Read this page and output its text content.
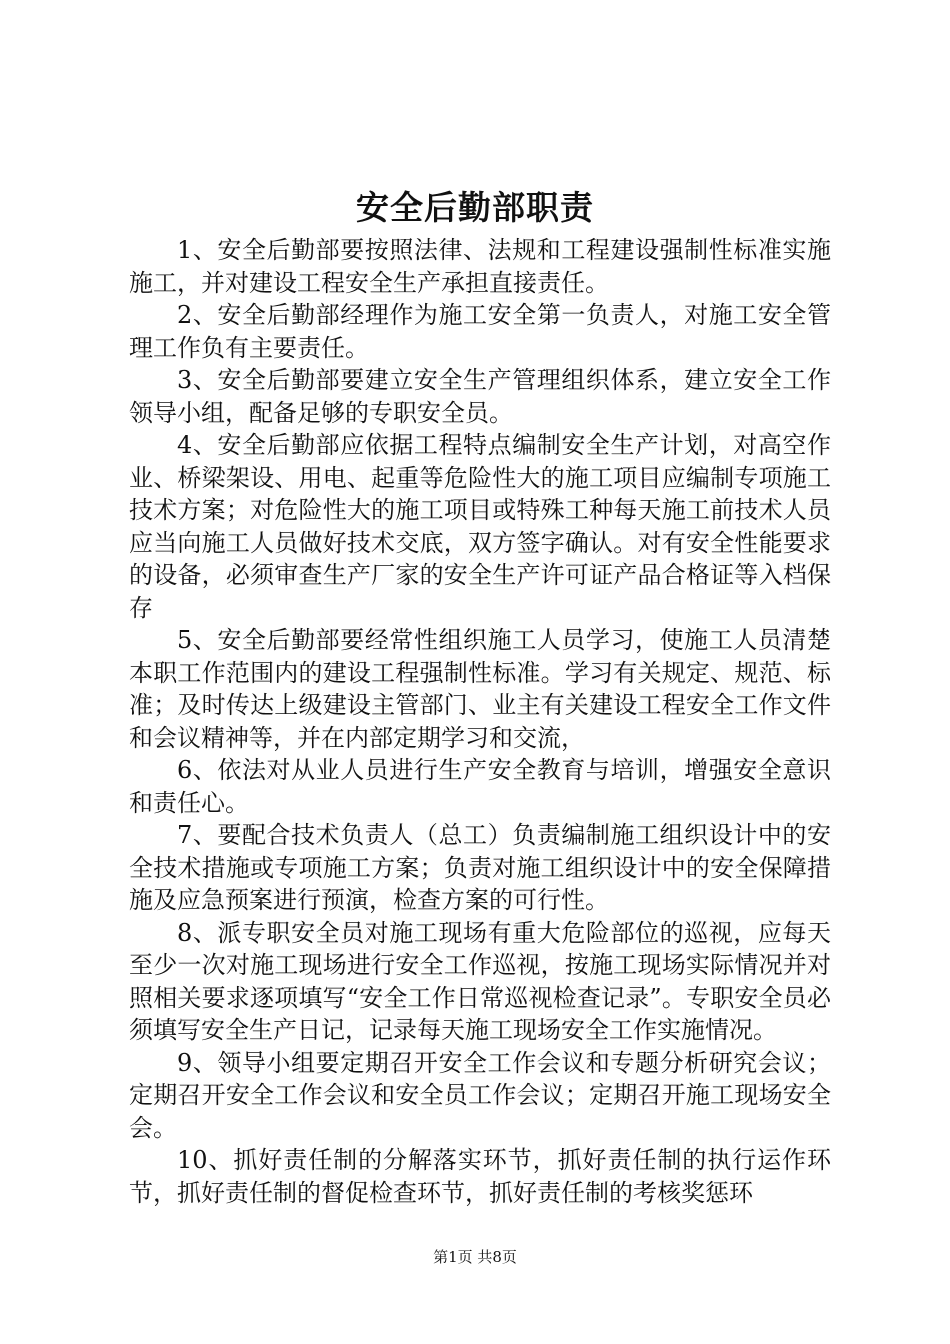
安全后勤部职责

1、安全后勤部要按照法律、法规和工程建设强制性标准实施施工，并对建设工程安全生产承担直接责任。

2、安全后勤部经理作为施工安全第一负责人，对施工安全管理工作负有主要责任。

3、安全后勤部要建立安全生产管理组织体系，建立安全工作领导小组，配备足够的专职安全员。

4、安全后勤部应依据工程特点编制安全生产计划，对高空作业、桥梁架设、用电、起重等危险性大的施工项目应编制专项施工技术方案；对危险性大的施工项目或特殊工种每天施工前技术人员应当向施工人员做好技术交底，双方签字确认。对有安全性能要求的设备，必须审查生产厂家的安全生产许可证产品合格证等入档保存

5、安全后勤部要经常性组织施工人员学习，使施工人员清楚本职工作范围内的建设工程强制性标准。学习有关规定、规范、标准；及时传达上级建设主管部门、业主有关建设工程安全工作文件和会议精神等，并在内部定期学习和交流，

6、依法对从业人员进行生产安全教育与培训，增强安全意识和责任心。

7、要配合技术负责人（总工）负责编制施工组织设计中的安全技术措施或专项施工方案；负责对施工组织设计中的安全保障措施及应急预案进行预演，检查方案的可行性。

8、派专职安全员对施工现场有重大危险部位的巡视，应每天至少一次对施工现场进行安全工作巡视，按施工现场实际情况并对照相关要求逐项填写“安全工作日常巡视检查记录”。专职安全员必须填写安全生产日记，记录每天施工现场安全工作实施情况。

9、领导小组要定期召开安全工作会议和专题分析研究会议；定期召开安全工作会议和安全员工作会议；定期召开施工现场安全会。

10、抓好责任制的分解落实环节，抓好责任制的执行运作环节，抓好责任制的督促检查环节，抓好责任制的考核奖惩环

第1页 共8页
